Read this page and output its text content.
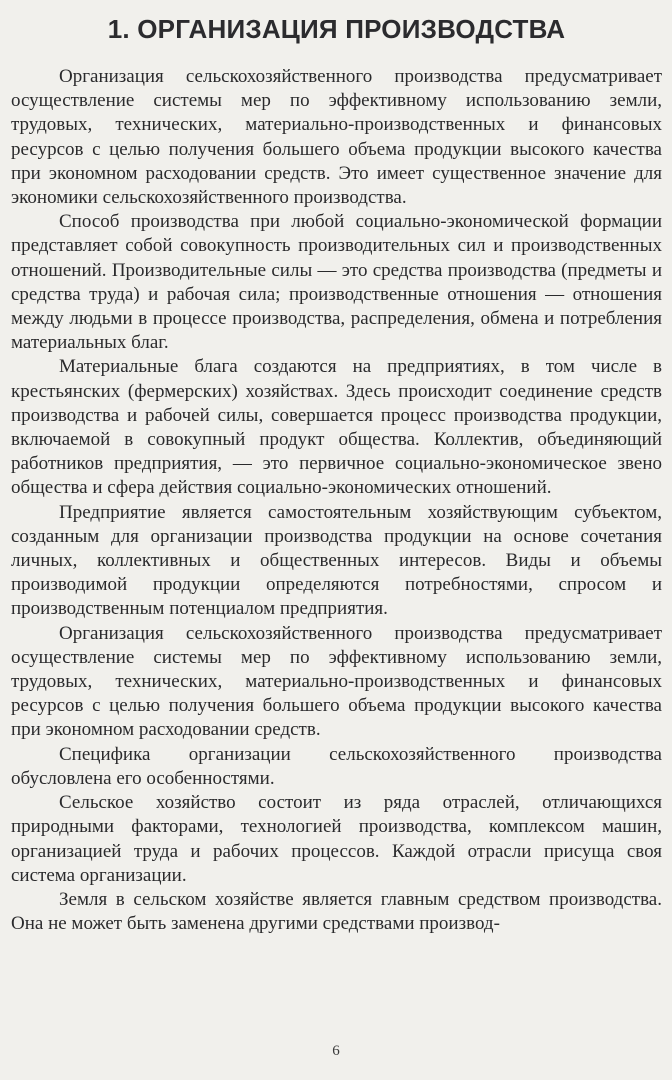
1. ОРГАНИЗАЦИЯ ПРОИЗВОДСТВА

Организация сельскохозяйственного производства предусматривает осуществление системы мер по эффективному использованию земли, трудовых, технических, материально-производственных и финансовых ресурсов с целью получения большего объема продукции высокого качества при экономном расходовании средств. Это имеет существенное значение для экономики сельскохозяйственного производства.

Способ производства при любой социально-экономической формации представляет собой совокупность производительных сил и производственных отношений. Производительные силы — это средства производства (предметы и средства труда) и рабочая сила; производственные отношения — отношения между людьми в процессе производства, распределения, обмена и потребления материальных благ.

Материальные блага создаются на предприятиях, в том числе в крестьянских (фермерских) хозяйствах. Здесь происходит соединение средств производства и рабочей силы, совершается процесс производства продукции, включаемой в совокупный продукт общества. Коллектив, объединяющий работников предприятия, — это первичное социально-экономическое звено общества и сфера действия социально-экономических отношений.

Предприятие является самостоятельным хозяйствующим субъектом, созданным для организации производства продукции на основе сочетания личных, коллективных и общественных интересов. Виды и объемы производимой продукции определяются потребностями, спросом и производственным потенциалом предприятия.

Организация сельскохозяйственного производства предусматривает осуществление системы мер по эффективному использованию земли, трудовых, технических, материально-производственных и финансовых ресурсов с целью получения большего объема продукции высокого качества при экономном расходовании средств.

Специфика организации сельскохозяйственного производства обусловлена его особенностями.

Сельское хозяйство состоит из ряда отраслей, отличающихся природными факторами, технологией производства, комплексом машин, организацией труда и рабочих процессов. Каждой отрасли присуща своя система организации.

Земля в сельском хозяйстве является главным средством производства. Она не может быть заменена другими средствами производ-

6
